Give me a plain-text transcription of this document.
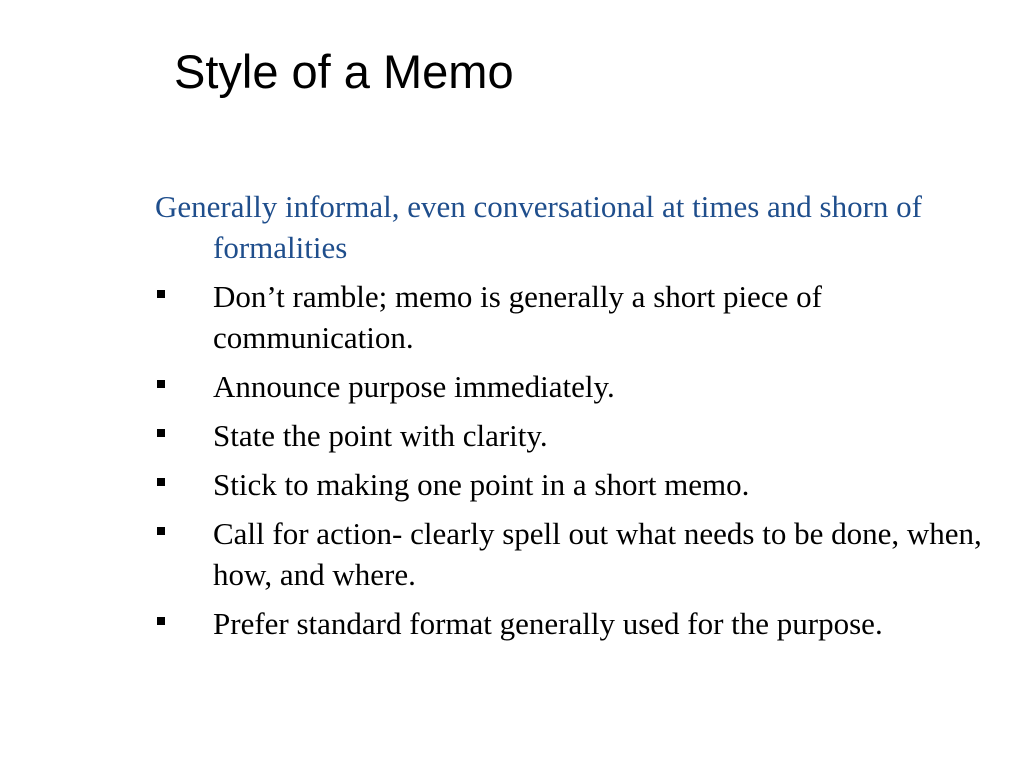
Style of a Memo

Generally informal, even conversational at times and shorn of formalities

Don’t ramble; memo is generally a short piece of communication.
Announce purpose immediately.
State the point with clarity.
Stick to making one point in a short memo.
Call for action- clearly spell out what needs to be done, when, how, and where.
Prefer standard format generally used for the purpose.
